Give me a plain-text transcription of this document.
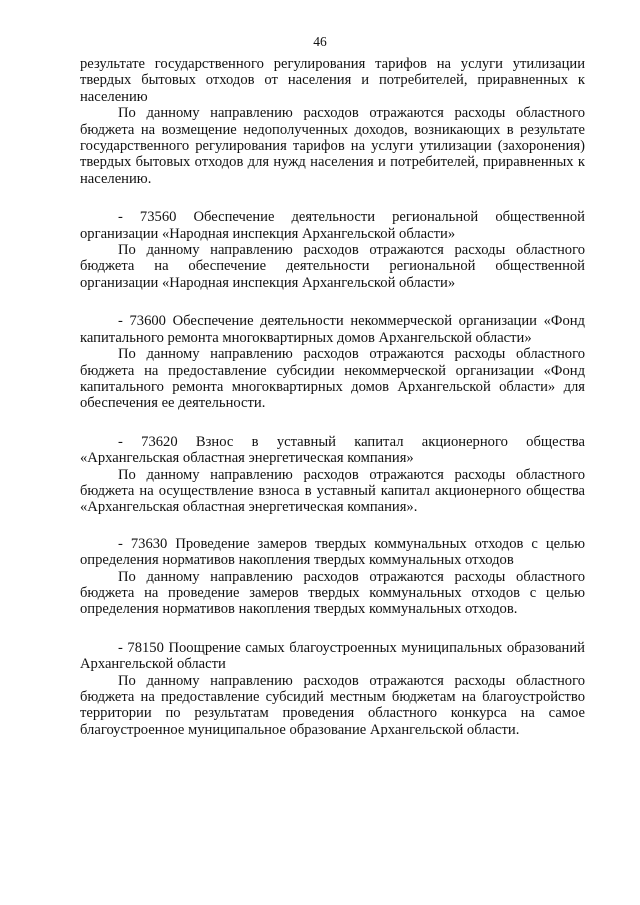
46

результате государственного регулирования тарифов на услуги утилизации твердых бытовых отходов от населения и потребителей, приравненных к населению

По данному направлению расходов отражаются расходы областного бюджета на возмещение недополученных доходов, возникающих в результате государственного регулирования тарифов на услуги утилизации (захоронения) твердых бытовых отходов для нужд населения и потребителей, приравненных к населению.

- 73560 Обеспечение деятельности региональной общественной организации «Народная инспекция Архангельской области»

По данному направлению расходов отражаются расходы областного бюджета на обеспечение деятельности региональной общественной организации «Народная инспекция Архангельской области»

- 73600 Обеспечение деятельности некоммерческой организации «Фонд капитального ремонта многоквартирных домов Архангельской области»

По данному направлению расходов отражаются расходы областного бюджета на предоставление субсидии некоммерческой организации «Фонд капитального ремонта многоквартирных домов Архангельской области» для обеспечения ее деятельности.

- 73620 Взнос в уставный капитал акционерного общества «Архангельская областная энергетическая компания»

По данному направлению расходов отражаются расходы областного бюджета на осуществление взноса в уставный капитал акционерного общества «Архангельская областная энергетическая компания».

- 73630 Проведение замеров твердых коммунальных отходов с целью определения нормативов накопления твердых коммунальных отходов

По данному направлению расходов отражаются расходы областного бюджета на проведение замеров твердых коммунальных отходов с целью определения нормативов накопления твердых коммунальных отходов.

- 78150 Поощрение самых благоустроенных муниципальных образований Архангельской области

По данному направлению расходов отражаются расходы областного бюджета на предоставление субсидий местным бюджетам на благоустройство территории по результатам проведения областного конкурса на самое благоустроенное муниципальное образование Архангельской области.
